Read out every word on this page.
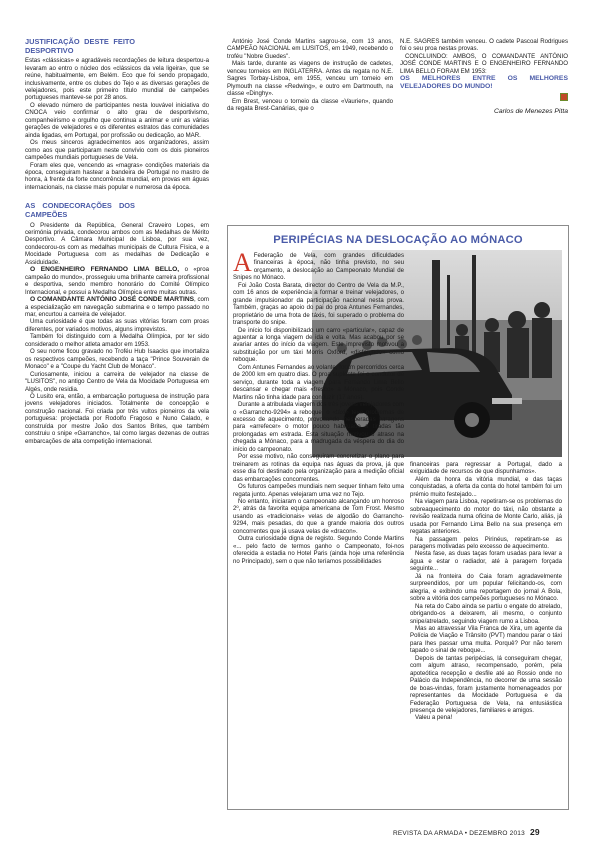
JUSTIFICAÇÃO DESTE FEITO DESPORTIVO

Estas «clássicas» e agradáveis recordações de leitura despertou-a levaram ao entro o núcleo dos «clássicos da vela ligeira», que se reúne, habitualmente, em Belém. Eco que foi sendo propagado, inclusivamente, entre os clubes do Tejo e as diversas gerações de velejadores, pois este primeiro título mundial de campeões portugueses manteve-se por 28 anos.

O elevado número de participantes nesta louvável iniciativa do CNOCA veio confirmar o alto grau de desportivismo, companheirismo e orgulho que continua a animar e unir as várias gerações de velejadores e os diferentes estratos das comunidades ainda ligadas, em Portugal, por profissão ou dedicação, ao MAR.

Os meus sinceros agradecimentos aos organizadores, assim como aos que participaram neste convívio com os dois pioneiros campeões mundiais portugueses de Vela.

Foram eles que, vencendo as «magras» condições materiais da época, conseguiram hastear a bandeira de Portugal no mastro de honra, à frente da forte concorrência mundial, em provas em águas internacionais, na classe mais popular e numerosa da época.

AS CONDECORAÇÕES DOS CAMPEÕES

O Presidente da República, General Craveiro Lopes, em cerimónia privada, condecorou ambos com as Medalhas de Mérito Desportivo. A Câmara Municipal de Lisboa, por sua vez, condecorou-os com as medalhas municipais de Cultura Física, e a Mocidade Portuguesa com as medalhas de Dedicação e Assiduidade.

O ENGENHEIRO FERNANDO LIMA BELLO, o «proa campeão do mundo», prosseguiu uma brilhante carreira profissional e desportiva, sendo membro honorário do Comité Olímpico Internacional, e possui a Medalha Olímpica entre muitas outras.

O COMANDANTE ANTÓNIO JOSÉ CONDE MARTINS, com a especialização em navegação submarina e o tempo passado no mar, encurtou a carreira de velejador.

Uma curiosidade é que todas as suas vitórias foram com proas diferentes, por variados motivos, alguns imprevistos.

Também foi distinguido com a Medalha Olímpica, por ter sido considerado o melhor atleta amador em 1953.

O seu nome ficou gravado no Troféu Hub Isaacks que imortaliza os respectivos campeões, recebendo a taça "Prince Souverain de Monaco" e a "Coupe du Yacht Club de Monaco".

Curiosamente, iniciou a carreira de velejador na classe de "LUSITOS", no antigo Centro de Vela da Mocidade Portuguesa em Algés, onde residia.

O Lusito era, então, a embarcação portuguesa de instrução para jovens velejadores iniciados. Totalmente de concepção e construção nacional. Foi criada por três vultos pioneiros da vela portuguesa: projectada por Rodolfo Fragoso e Nuno Calado, e construída por mestre João dos Santos Brites, que também construiu o snipe «Garrancho», tal como largas dezenas de outras embarcações de alta competição internacional.

António José Conde Martins sagrou-se, com 13 anos, CAMPEÃO NACIONAL em LUSITOS, em 1949, recebendo o troféu "Nobre Guedes".

Mais tarde, durante as viagens de instrução de cadetes, venceu torneios em INGLATERRA. Antes da regata no N.E. Sagres Torbay-Lisboa, em 1955, venceu um torneio em Plymouth na classe «Redwing», e outro em Dartmouth, na classe «Dinghy».

Em Brest, venceu o torneio da classe «Vaurien», quando da regata Brest-Canárias, que o

N.E. SAGRES também venceu. O cadete Pascoal Rodrigues foi o seu proa nestas provas.

CONCLUINDO: AMBOS, O COMANDANTE ANTÓNIO JOSÉ CONDE MARTINS E O ENGENHEIRO FERNANDO LIMA BELLO FORAM EM 1953:

OS MELHORES ENTRE OS MELHORES VELEJADORES DO MUNDO!

Carlos de Menezes Pitta

PERIPÉCIAS NA DESLOCAÇÃO AO MÓNACO
A Federação de Vela, com grandes dificuldades financeiras à época, não tinha previsto, no seu orçamento, a deslocação ao Campeonato Mundial de Snipes no Mónaco.

Foi João Costa Barata, director do Centro de Vela da M.P., com 16 anos de experiência a formar e treinar velejadores, o grande impulsionador da participação nacional nesta prova. Também, graças ao apoio do pai do proa Antunes Fernandes, proprietário de uma frota de táxis, foi superado o problema do transporte do snipe.

De início foi disponibilizado um carro «particular», capaz de aguentar a longa viagem de ida e volta. Mas acabou por se avariar antes do início da viagem. Este imprevisto motivou a substituição por um táxi Morris Oxford, «disfarçado» como reboque.

Com Antunes Fernandes ao volante, foram percorridos cerca de 2000 km em quatro dias. O proa suplente foi o condutor de serviço, durante toda a viagem, para Fernando Lima Bello descansar e chegar mais «fresco» a Mónaco, pois Conde Martins não tinha idade para conduzir (17 anos).

Durante a atribulada viagem dos três jovens velejadores com o «Garrancho-9294» a reboque, o «táxi» teve problemas de excesso de aquecimento, provocando inesperadas paragens para «arrefecer» o motor pouco habituado a tiradas tão prolongadas em estrada. Esta situação motivou o atraso na chegada a Mónaco, para a madrugada da véspera do dia do início do campeonato.

Por esse motivo, não conseguiram concretizar o plano para treinarem as rotinas da equipa nas águas da prova, já que esse dia foi destinado pela organização para a medição oficial das embarcações concorrentes.

Os futuros campeões mundiais nem sequer tinham feito uma regata junto. Apenas velejaram uma vez no Tejo.

No entanto, iniciaram o campeonato alcançando um honroso 2º, atrás da favorita equipa americana de Tom Frost. Mesmo usando as «tradicionais» velas de algodão do Garrancho-9294, mais pesadas, do que a grande maioria dos outros concorrentes que já usava velas de «dracon».

Outra curiosidade digna de registo. Segundo Conde Martins «... pelo facto de termos ganho o Campeonato, foi-nos oferecida a estadia no Hotel Paris (ainda hoje uma referência no Principado), sem o que não teríamos possibilidades

financeiras para regressar a Portugal, dado a exiguidade de recursos de que dispunhamos».

Além da honra da vitória mundial, e das taças conquistadas, a oferta da conta do hotel também foi um prémio muito festejado...

Na viagem para Lisboa, repetiram-se os problemas do sobreaquecimento do motor do táxi, não obstante a revisão realizada numa oficina de Monte Carlo, aliás, já usada por Fernando Lima Bello na sua presença em regatas anteriores.

Na passagem pelos Pirinéus, repetiram-se as paragens motivadas pelo excesso de aquecimento.

Nesta fase, as duas taças foram usadas para levar a água e estar o radiador, até à paragem forçada seguinte...

Já na fronteira do Caia foram agradavelmente surpreendidos, por um popular felicitando-os, com alegria, e exibindo uma reportagem do jornal A Bola, sobre a vitória dos campeões portugueses no Mónaco.

Na reta do Cabo ainda se partiu o engate do atrelado, obrigando-os a deixarem, ali mesmo, o conjunto snipe/atrelado, seguindo viagem rumo a Lisboa.

Mas ao atravessar Vila Franca de Xira, um agente da Polícia de Viação e Trânsito (PVT) mandou parar o táxi para lhes passar uma multa. Porquê? Por não terem tapado o sinal de reboque...

Depois de tantas peripécias, lá conseguiram chegar, com algum atraso, recompensado, porém, pela apoteótica recepção e desfile até ao Rossio onde no Palácio da Independência, no decorrer de uma sessão de boas-vindas, foram justamente homenageados por representantes da Mocidade Portuguesa e da Federação Portuguesa de Vela, na entusiástica presença de velejadores, familiares e amigos.

Valeu a pena!

REVISTA DA ARMADA • DEZEMBRO 2013 29
